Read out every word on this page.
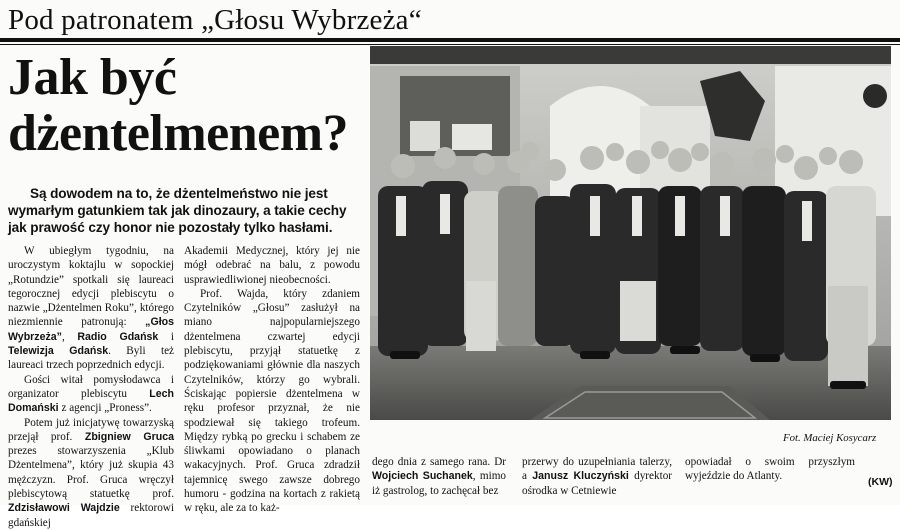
Pod patronatem „Głosu Wybrzeża“
Jak być
dżentelmenem?
Są dowodem na to, że dżentelmeństwo nie jest wymarłym gatunkiem tak jak dinozaury, a takie cechy jak prawość czy honor nie pozostały tylko hasłami.

W ubiegłym tygodniu, na uroczystym koktajlu w sopockiej „Rotundzie” spotkali się laureaci tegorocznej edycji plebiscytu o nazwie „Dżentelmen Roku”, którego niezmiennie patronują: „Głos Wybrzeża”, Radio Gdańsk i Telewizja Gdańsk. Byli też laureaci trzech poprzednich edycji.

Gości witał pomysłodawca i organizator plebiscytu Lech Domański z agencji „Proness”.

Potem już inicjatywę towarzyską przejął prof. Zbigniew Gruca prezes stowarzyszenia „Klub Dżentelmena”, który już skupia 43 mężczyzn. Prof. Gruca wręczył plebiscytową statuetkę prof. Zdzisławowi Wajdzie rektorowi gdańskiej

Akademii Medycznej, który jej nie mógł odebrać na balu, z powodu usprawiedliwionej nieobecności.

Prof. Wajda, który zdaniem Czytelników „Głosu” zasłużył na miano najpopularniejszego dżentelmena czwartej edycji plebiscytu, przyjął statuetkę z podziękowaniami głównie dla naszych Czytelników, którzy go wybrali. Ściskając popiersie dżentelmena w ręku profesor przyznał, że nie spodziewał się takiego trofeum. Między rybką po grecku i schabem ze śliwkami opowiadano o planach wakacyjnych. Prof. Gruca zdradził tajemnicę swego zawsze dobrego humoru - godzina na kortach z rakietą w ręku, ale za to każ-

Fot. Maciej Kosycarz

dego dnia z samego rana. Dr Wojciech Suchanek, mimo iż gastrolog, to zachęcał bez

przerwy do uzupełniania talerzy, a Janusz Kluczyński dyrektor ośrodka w Cetniewie

opowiadał o swoim przyszłym wyjeździe do Atlanty.	(KW)
